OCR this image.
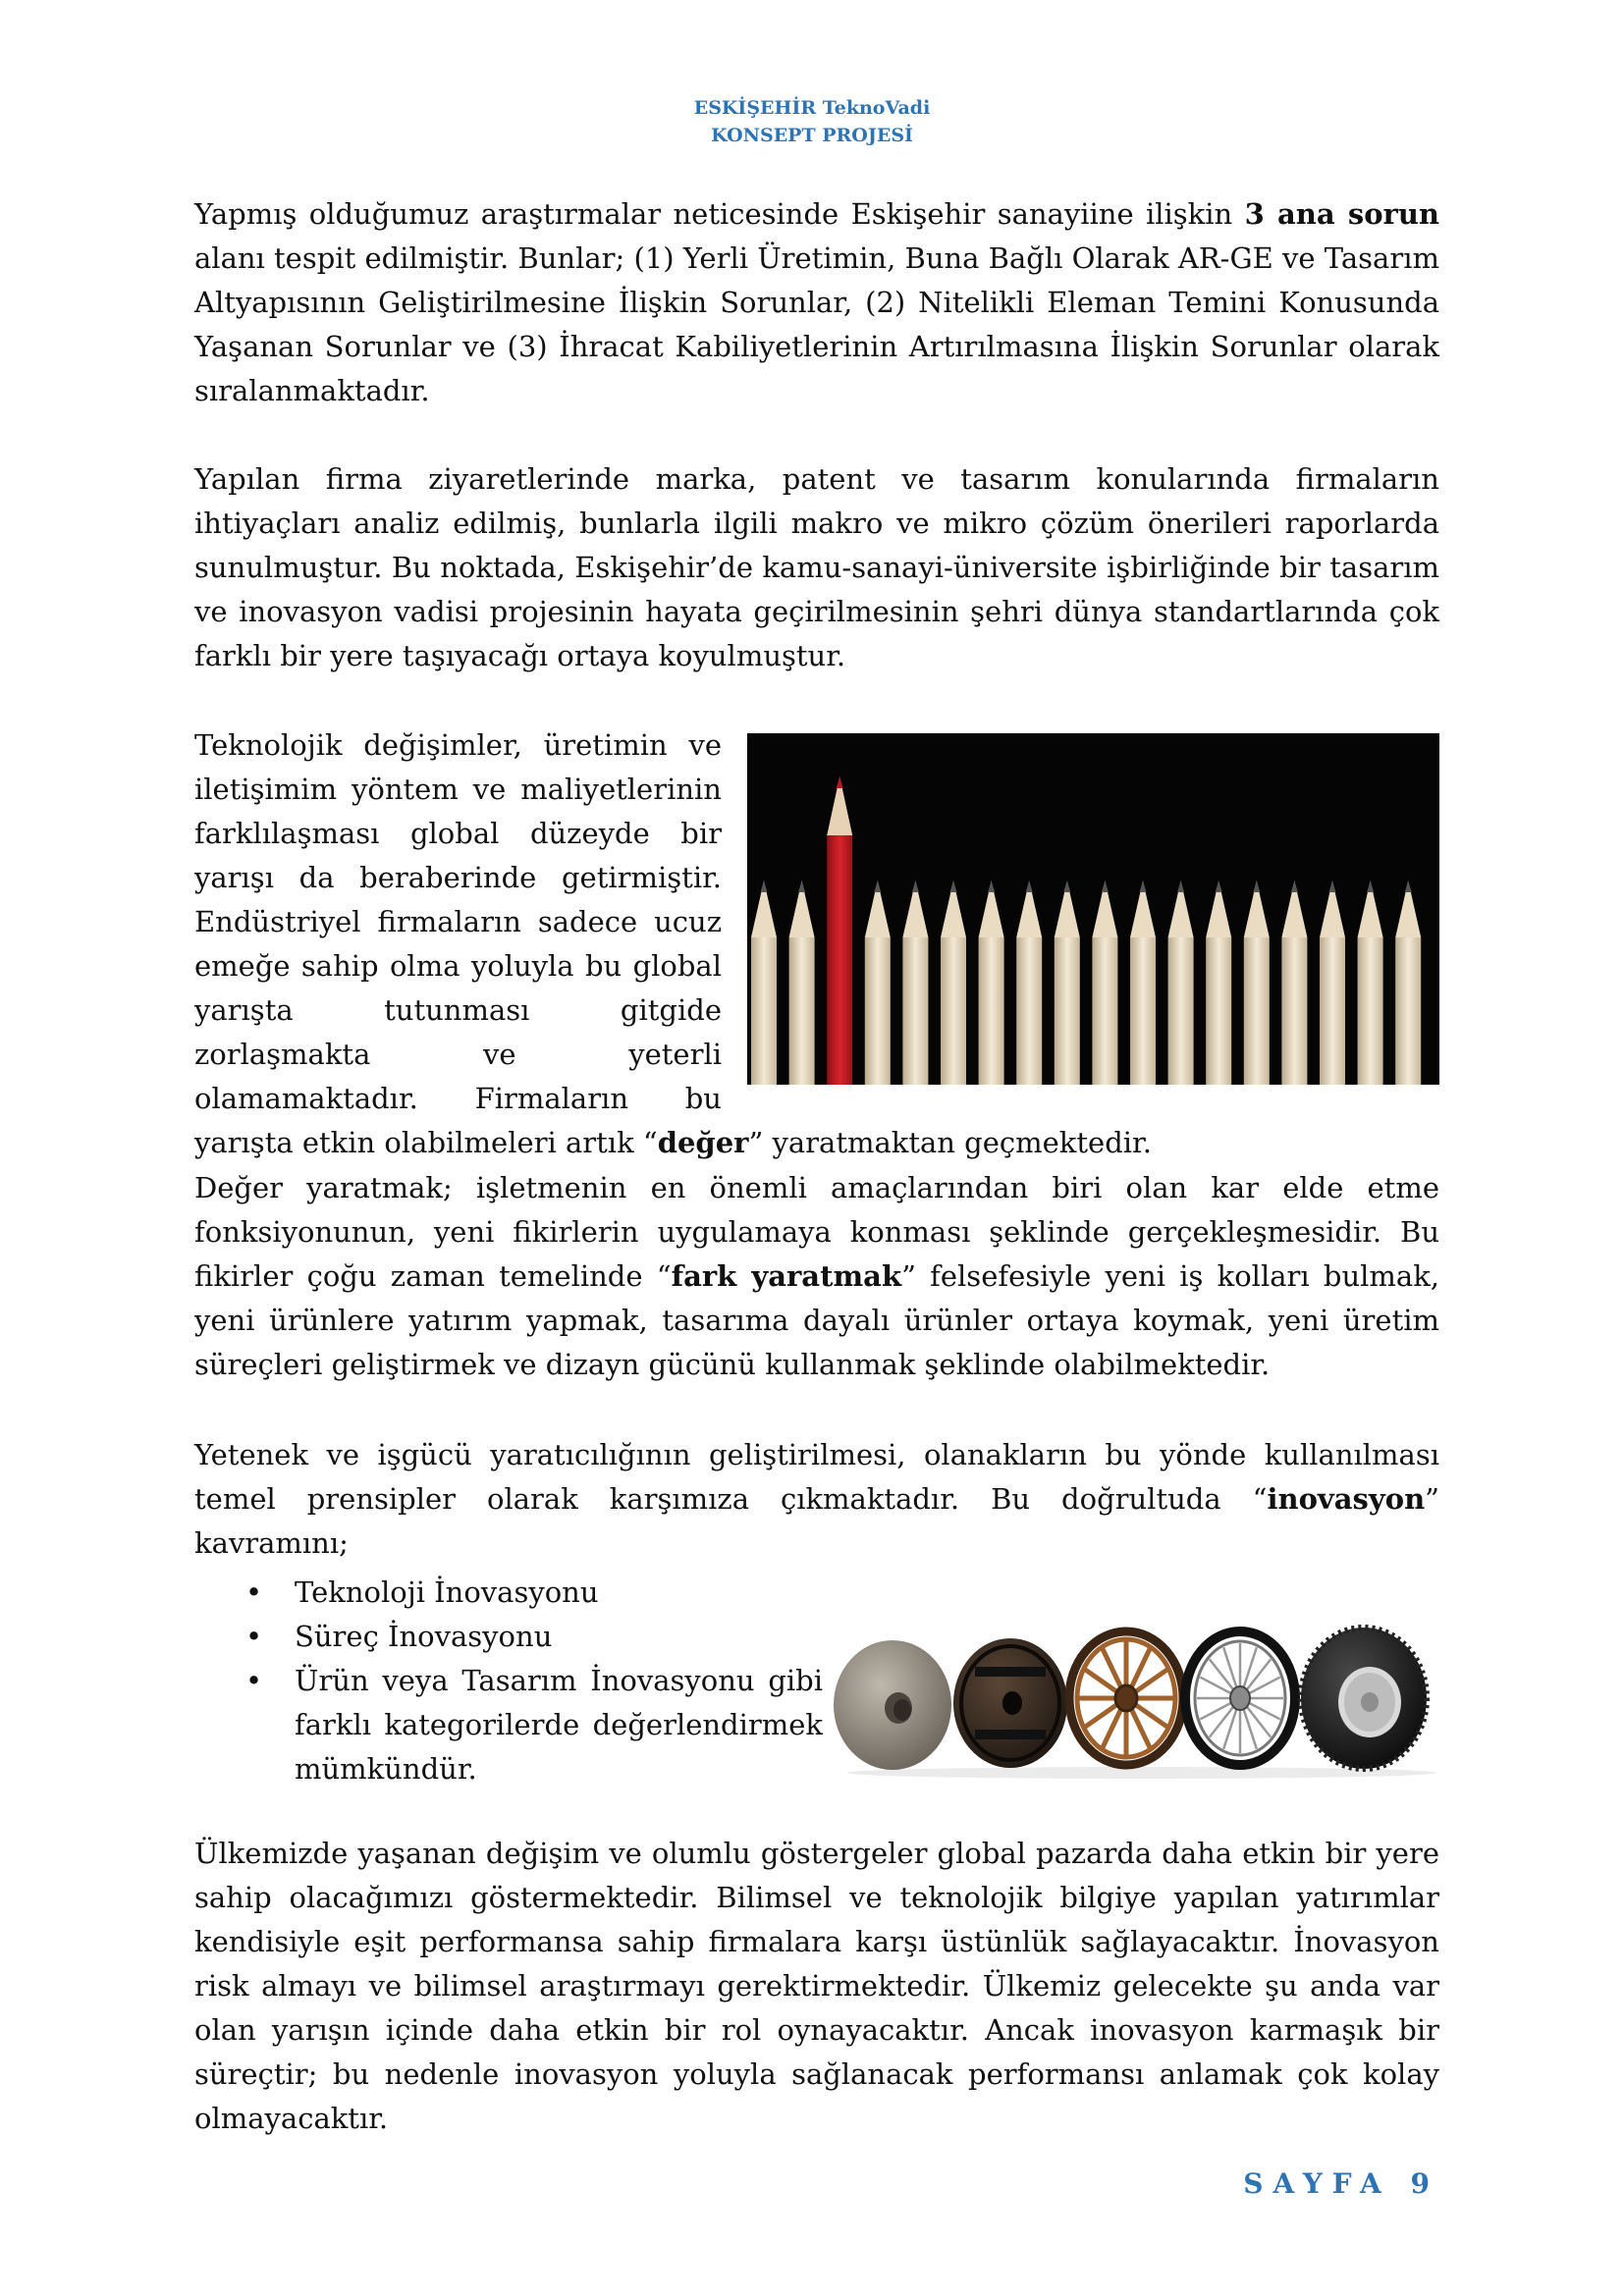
ESKİŞEHİR TeknoVadi
KONSEPT PROJESİ

Yapmış olduğumuz araştırmalar neticesinde Eskişehir sanayiine ilişkin 3 ana sorun alanı tespit edilmiştir. Bunlar; (1) Yerli Üretimin, Buna Bağlı Olarak AR-GE ve Tasarım Altyapısının Geliştirilmesine İlişkin Sorunlar, (2) Nitelikli Eleman Temini Konusunda Yaşanan Sorunlar ve (3) İhracat Kabiliyetlerinin Artırılmasına İlişkin Sorunlar olarak sıralanmaktadır.

Yapılan firma ziyaretlerinde marka, patent ve tasarım konularında firmaların ihtiyaçları analiz edilmiş, bunlarla ilgili makro ve mikro çözüm önerileri raporlarda sunulmuştur. Bu noktada, Eskişehir’de kamu-sanayi-üniversite işbirliğinde bir tasarım ve inovasyon vadisi projesinin hayata geçirilmesinin şehri dünya standartlarında çok farklı bir yere taşıyacağı ortaya koyulmuştur.

Teknolojik değişimler, üretimin ve iletişimim yöntem ve maliyetlerinin farklılaşması global düzeyde bir yarışı da beraberinde getirmiştir. Endüstriyel firmaların sadece ucuz emeğe sahip olma yoluyla bu global yarışta tutunması gitgide zorlaşmakta ve yeterli olamamaktadır. Firmaların bu yarışta etkin olabilmeleri artık “değer” yaratmaktan geçmektedir.

Değer yaratmak; işletmenin en önemli amaçlarından biri olan kar elde etme fonksiyonunun, yeni fikirlerin uygulamaya konması şeklinde gerçekleşmesidir. Bu fikirler çoğu zaman temelinde “fark yaratmak” felsefesiyle yeni iş kolları bulmak, yeni ürünlere yatırım yapmak, tasarıma dayalı ürünler ortaya koymak, yeni üretim süreçleri geliştirmek ve dizayn gücünü kullanmak şeklinde olabilmektedir.

Yetenek ve işgücü yaratıcılığının geliştirilmesi, olanakların bu yönde kullanılması temel prensipler olarak karşımıza çıkmaktadır. Bu doğrultuda “inovasyon” kavramını;

• Teknoloji İnovasyonu
• Süreç İnovasyonu
• Ürün veya Tasarım İnovasyonu gibi farklı kategorilerde değerlendirmek mümkündür.

Ülkemizde yaşanan değişim ve olumlu göstergeler global pazarda daha etkin bir yere sahip olacağımızı göstermektedir. Bilimsel ve teknolojik bilgiye yapılan yatırımlar kendisiyle eşit performansa sahip firmalara karşı üstünlük sağlayacaktır. İnovasyon risk almayı ve bilimsel araştırmayı gerektirmektedir. Ülkemiz gelecekte şu anda var olan yarışın içinde daha etkin bir rol oynayacaktır. Ancak inovasyon karmaşık bir süreçtir; bu nedenle inovasyon yoluyla sağlanacak performansı anlamak çok kolay olmayacaktır.

SAYFA 9
